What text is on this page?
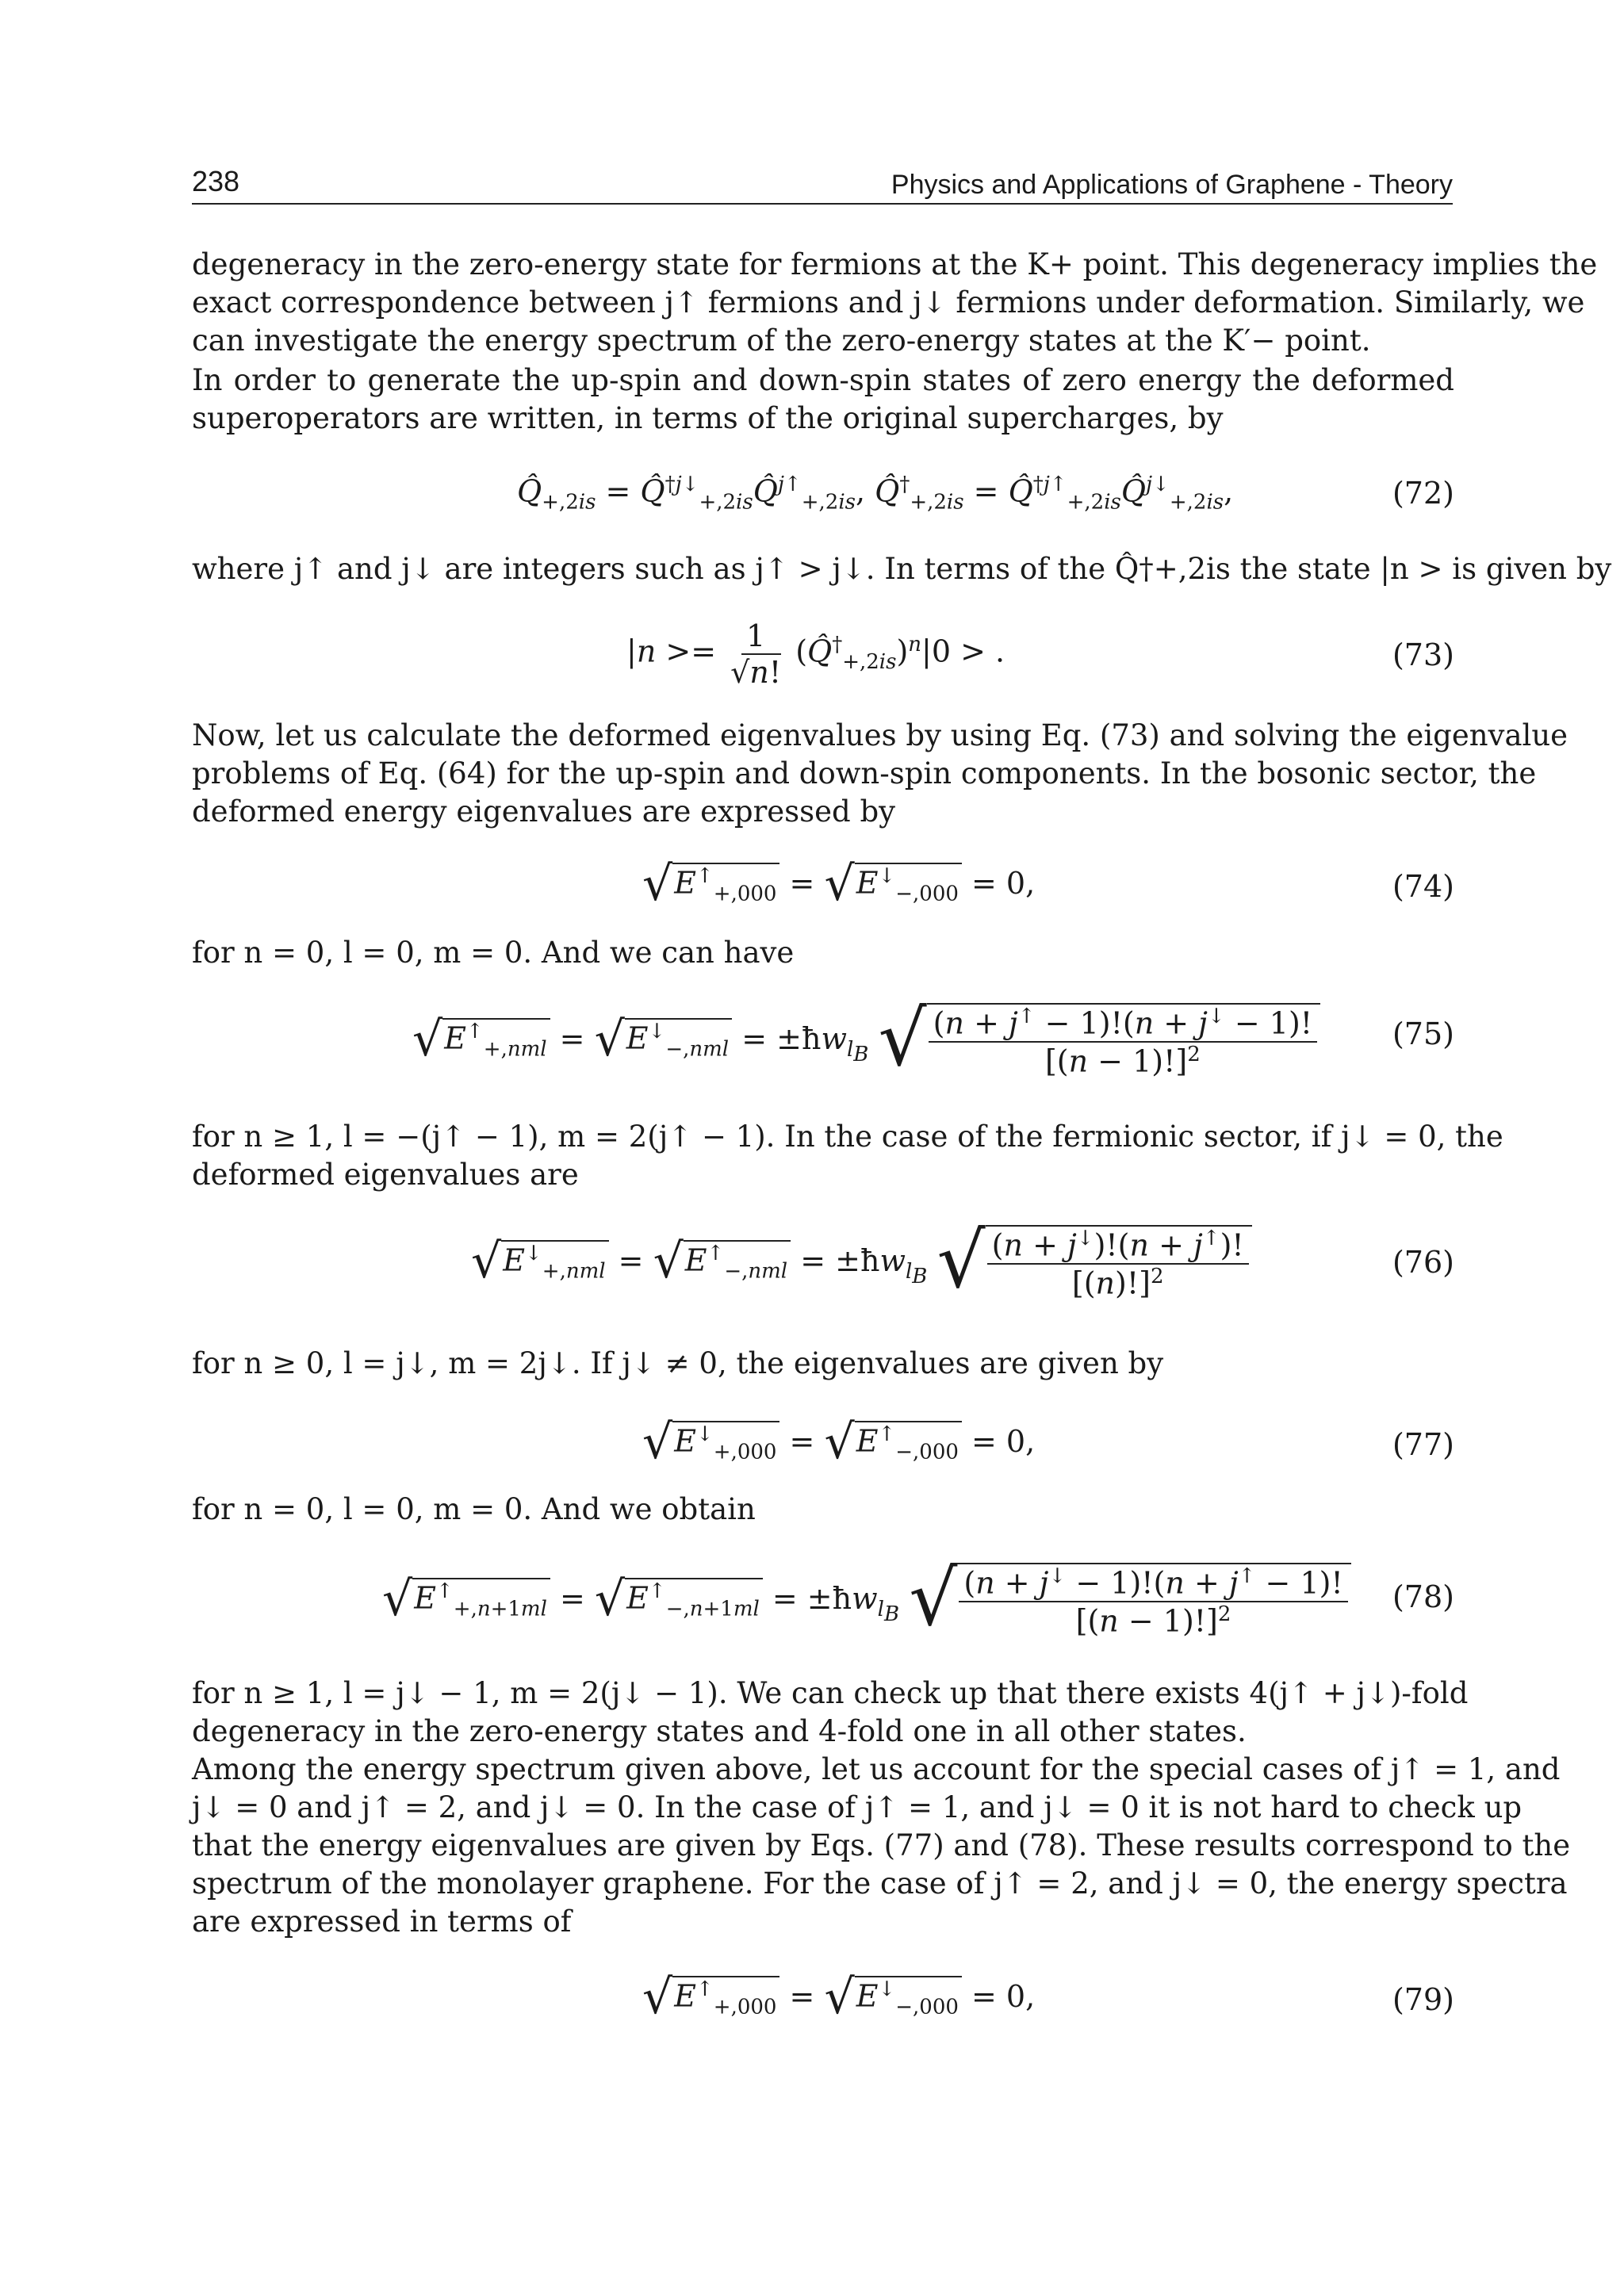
238	Physics and Applications of Graphene - Theory
degeneracy in the zero-energy state for fermions at the K+ point. This degeneracy implies the
exact correspondence between j↑ fermions and j↓ fermions under deformation. Similarly, we
can investigate the energy spectrum of the zero-energy states at the K′− point.
In order to generate the up-spin and down-spin states of zero energy the deformed
superoperators are written, in terms of the original supercharges, by
$Q̂_{+,2is}$ = Q̂$^{\dagger j↓}_{+,2is}$Q̂$^{j↑}_{+,2is}$, $Q̂^\dagger_{+,2is}$ = Q̂$^{\dagger j↑}_{+,2is}$Q̂$^{j↓}_{+,2is}$,	(72)
where j↑ and j↓ are integers such as j↑ > j↓. In terms of the Q̂†+,2is the state |n > is given by
$|n >= \frac{1}{√n!}$ $(Q̂^\dagger_{+,2is})^n|0$ > .	(73)
Now, let us calculate the deformed eigenvalues by using Eq. (73) and solving the eigenvalue
problems of Eq. (64) for the up-spin and down-spin components. In the bosonic sector, the
deformed energy eigenvalues are expressed by
$√E^↑_{+,000} = √E^↓_{-,000} = 0$,	(74)
for n = 0, l = 0, m = 0. And we can have
$√E^↑_{+,nml} = √E^↓_{-,nml}$ = $\pm ħw_{l_B}$ √ $\frac{(n + j^↑ - 1)!(n + j^↓ - 1)!}{[(n - 1)!]^2} (75)$
for n ≥ 1, l = −(j↑ − 1), m = 2(j↑ − 1). In the case of the fermionic sector, if j↓ = 0, the
deformed eigenvalues are
$√E^↓_{+,nml} = √E^↑_{-,nml}$ = $\pm ħw_{l_B}$ √ $\frac{(n + j^↓)!(n + j^↑)!}{[(n)!]^2}$	(76)
for n ≥ 0, l = j↓, m = 2j↓. If j↓ ≠ 0, the eigenvalues are given by
$√E^↓_{+,000} = √E^↑_{-,000} = 0$,	(77)
for n = 0, l = 0, m = 0. And we obtain
$√E^↑_{+,n+1ml} = √E^↑_{-,n+1ml}$ = $\pm ħw_{l_B}$ √ $\frac{(n + j^↓ - 1)!(n + j^↑ - 1)!}{[(n - 1)!]^2} (78)$
for n ≥ 1, l = j↓ − 1, m = 2(j↓ − 1). We can check up that there exists 4(j↑ + j↓)-fold
degeneracy in the zero-energy states and 4-fold one in all other states.
Among the energy spectrum given above, let us account for the special cases of j↑ = 1, and
j↓ = 0 and j↑ = 2, and j↓ = 0. In the case of j↑ = 1, and j↓ = 0 it is not hard to check up
that the energy eigenvalues are given by Eqs. (77) and (78). These results correspond to the
spectrum of the monolayer graphene. For the case of j↑ = 2, and j↓ = 0, the energy spectra
are expressed in terms of
$√E^↑_{+,000} = √E^↓_{-,000} = 0$,	(79)
